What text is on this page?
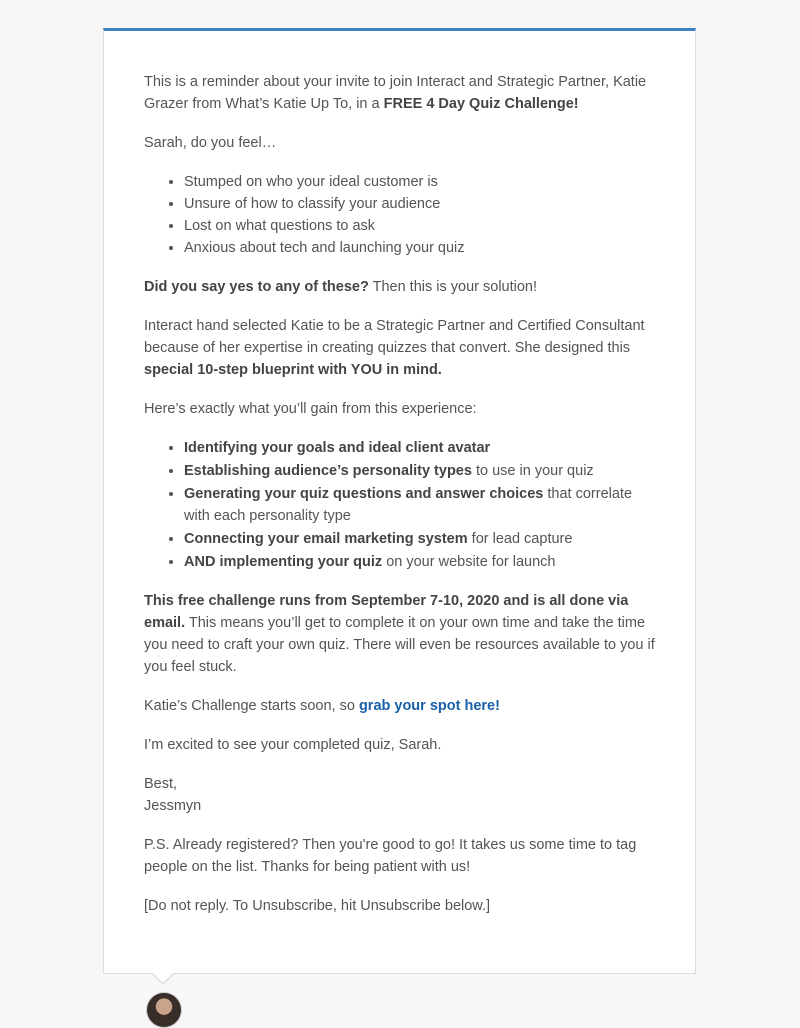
This is a reminder about your invite to join Interact and Strategic Partner, Katie Grazer from What’s Katie Up To, in a FREE 4 Day Quiz Challenge!

Sarah, do you feel…

• Stumped on who your ideal customer is
• Unsure of how to classify your audience
• Lost on what questions to ask
• Anxious about tech and launching your quiz

Did you say yes to any of these? Then this is your solution!

Interact hand selected Katie to be a Strategic Partner and Certified Consultant because of her expertise in creating quizzes that convert. She designed this special 10-step blueprint with YOU in mind.

Here’s exactly what you’ll gain from this experience:

• Identifying your goals and ideal client avatar
• Establishing audience’s personality types to use in your quiz
• Generating your quiz questions and answer choices that correlate with each personality type
• Connecting your email marketing system for lead capture
• AND implementing your quiz on your website for launch

This free challenge runs from September 7-10, 2020 and is all done via email. This means you’ll get to complete it on your own time and take the time you need to craft your own quiz. There will even be resources available to you if you feel stuck.

Katie’s Challenge starts soon, so grab your spot here!

I’m excited to see your completed quiz, Sarah.

Best,
Jessmyn

P.S. Already registered? Then you're good to go! It takes us some time to tag people on the list. Thanks for being patient with us!

[Do not reply. To Unsubscribe, hit Unsubscribe below.]
